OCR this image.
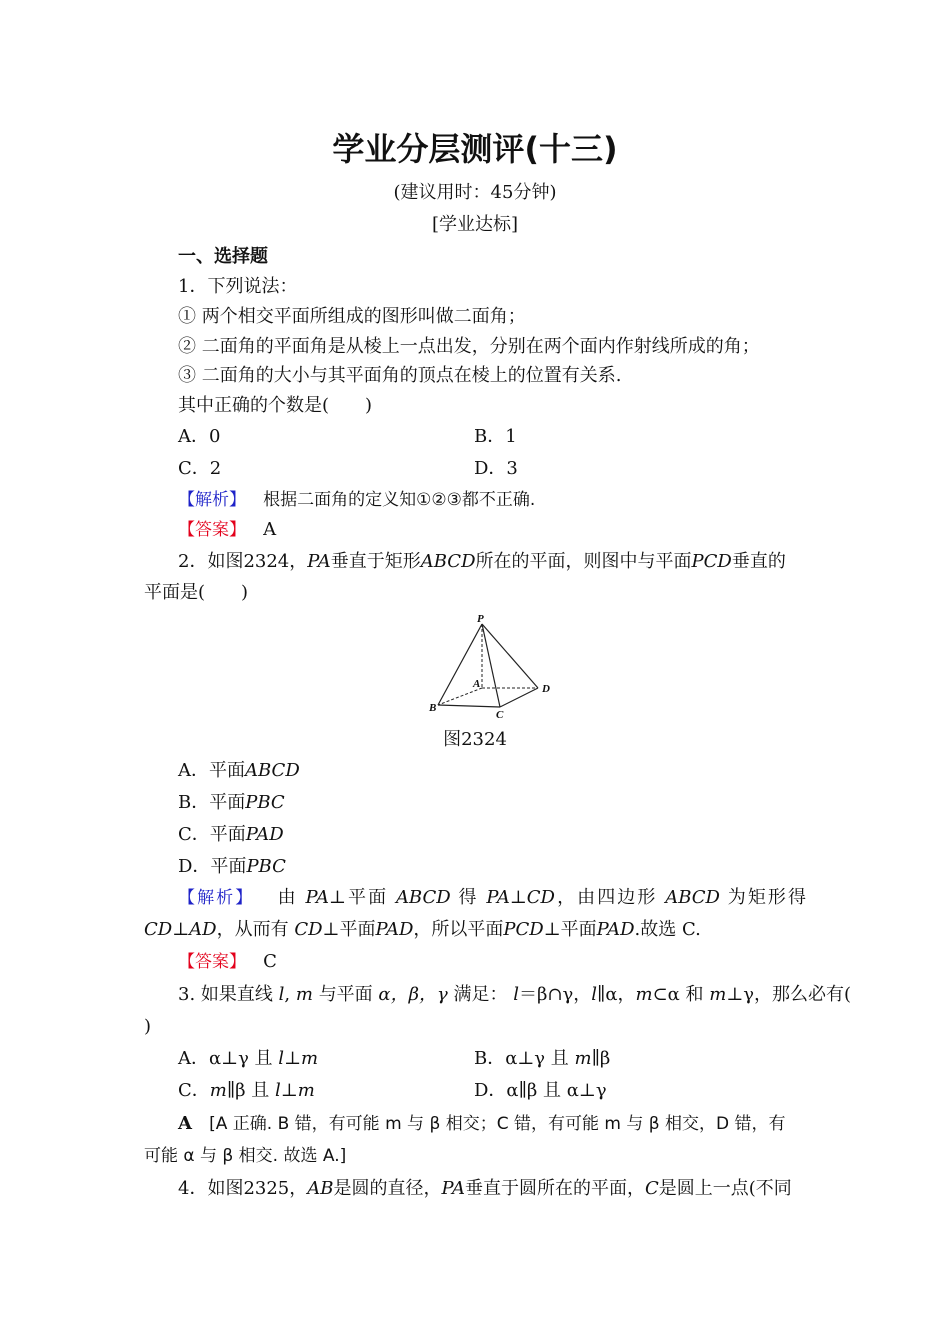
学业分层测评(十三)
(建议用时：45分钟)
[学业达标]
一、选择题
1．下列说法：
① 两个相交平面所组成的图形叫做二面角；
② 二面角的平面角是从棱上一点出发，分别在两个面内作射线所成的角；
③ 二面角的大小与其平面角的顶点在棱上的位置有关系.
其中正确的个数是(　　)
A．0	B．1
C．2	D．3
【解析】 根据二面角的定义知①②③都不正确.
【答案】 A
2．如图2324，PA垂直于矩形ABCD所在的平面，则图中与平面PCD垂直的
平面是(　　)
P
A
B
C
D
图2324
A．平面ABCD
B．平面PBC
C．平面PAD
D．平面PBC
【解析】 由 PA⊥平面 ABCD 得 PA⊥CD，由四边形 ABCD 为矩形得
CD⊥AD，从而有 CD⊥平面PAD，所以平面PCD⊥平面PAD.故选 C.
【答案】 C
3. 如果直线 l, m 与平面 α，β，γ 满足： l＝β∩γ，l∥α，m⊂α 和 m⊥γ，那么必有(
)
A．α⊥γ 且 l⊥m	B．α⊥γ 且 m∥β
C．m∥β 且 l⊥m	D．α∥β 且 α⊥γ
A [A 正确. B 错，有可能 m 与 β 相交；C 错，有可能 m 与 β 相交，D 错，有
可能 α 与 β 相交. 故选 A.]
4．如图2325，AB是圆的直径，PA垂直于圆所在的平面，C是圆上一点(不同
